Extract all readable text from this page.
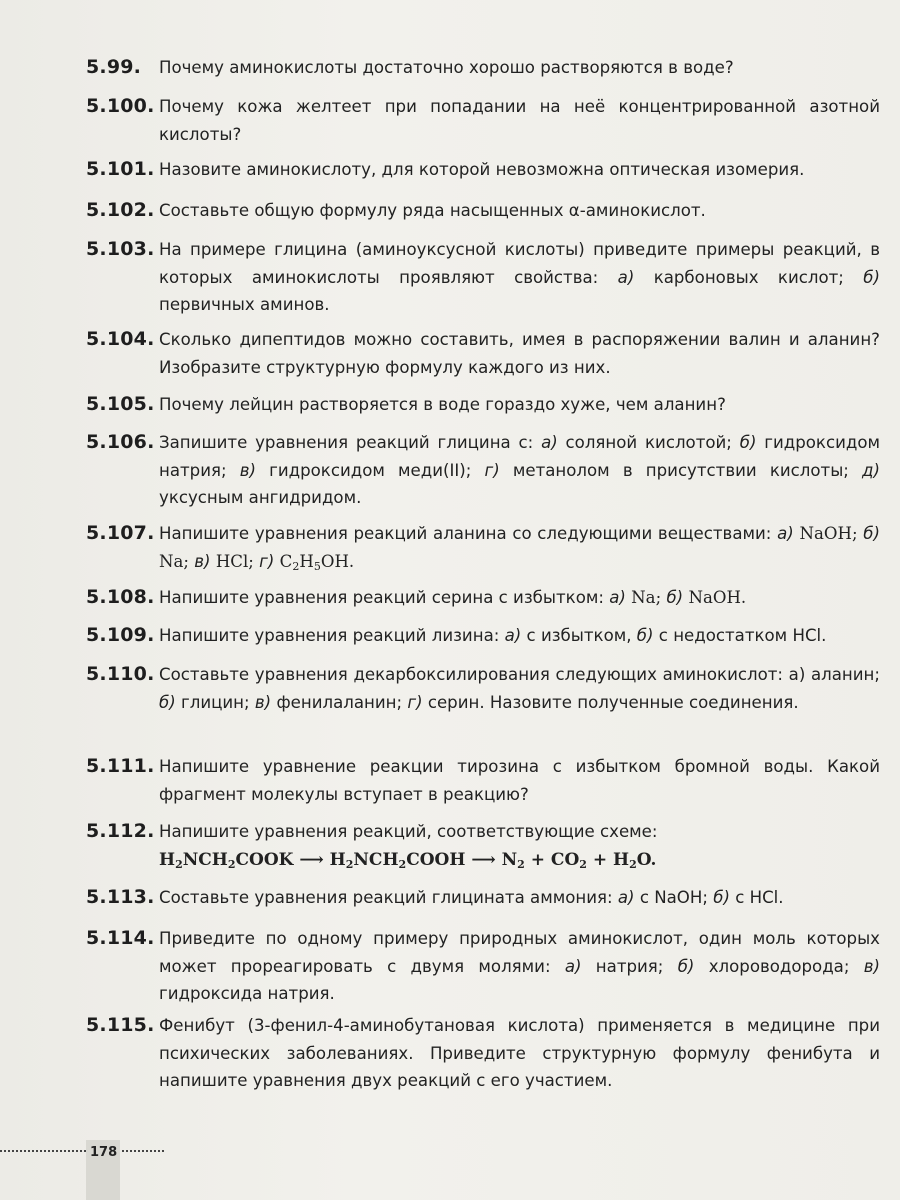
5.99. Почему аминокислоты достаточно хорошо растворяются в воде?
5.100. Почему кожа желтеет при попадании на неё концентрированной азотной кислоты?
5.101. Назовите аминокислоту, для которой невозможна оптическая изомерия.
5.102. Составьте общую формулу ряда насыщенных α-аминокислот.
5.103. На примере глицина (аминоуксусной кислоты) приведите примеры реакций, в которых аминокислоты проявляют свойства: а) карбоновых кислот; б) первичных аминов.
5.104. Сколько дипептидов можно составить, имея в распоряжении валин и аланин? Изобразите структурную формулу каждого из них.
5.105. Почему лейцин растворяется в воде гораздо хуже, чем аланин?
5.106. Запишите уравнения реакций глицина с: а) соляной кислотой; б) гидроксидом натрия; в) гидроксидом меди(II); г) метанолом в присутствии кислоты; д) уксусным ангидридом.
5.107. Напишите уравнения реакций аланина со следующими веществами: а) NaOH; б) Na; в) HCl; г) $C_2H_5OH$.
5.108. Напишите уравнения реакций серина с избытком: а) Na; б) NaOH.
5.109. Напишите уравнения реакций лизина: а) с избытком, б) с недостатком HCl.
5.110. Составьте уравнения декарбоксилирования следующих аминокислот: а) аланин; б) глицин; в) фенилаланин; г) серин. Назовите полученные соединения.
5.111. Напишите уравнение реакции тирозина с избытком бромной воды. Какой фрагмент молекулы вступает в реакцию?
5.112. Напишите уравнения реакций, соответствующие схеме:
$H_2NCH_2COOK$ ⟶ $H_2NCH_2COOH$ ⟶ $N_2 + CO_2 + H_2O$.
5.113. Составьте уравнения реакций глицината аммония: а) с NaOH; б) с HCl.
5.114. Приведите по одному примеру природных аминокислот, один моль которых может прореагировать с двумя молями: а) натрия; б) хлороводорода; в) гидроксида натрия.
5.115. Фенибут (3-фенил-4-аминобутановая кислота) применяется в медицине при психических заболеваниях. Приведите структурную формулу фенибута и напишите уравнения двух реакций с его участием.
178
